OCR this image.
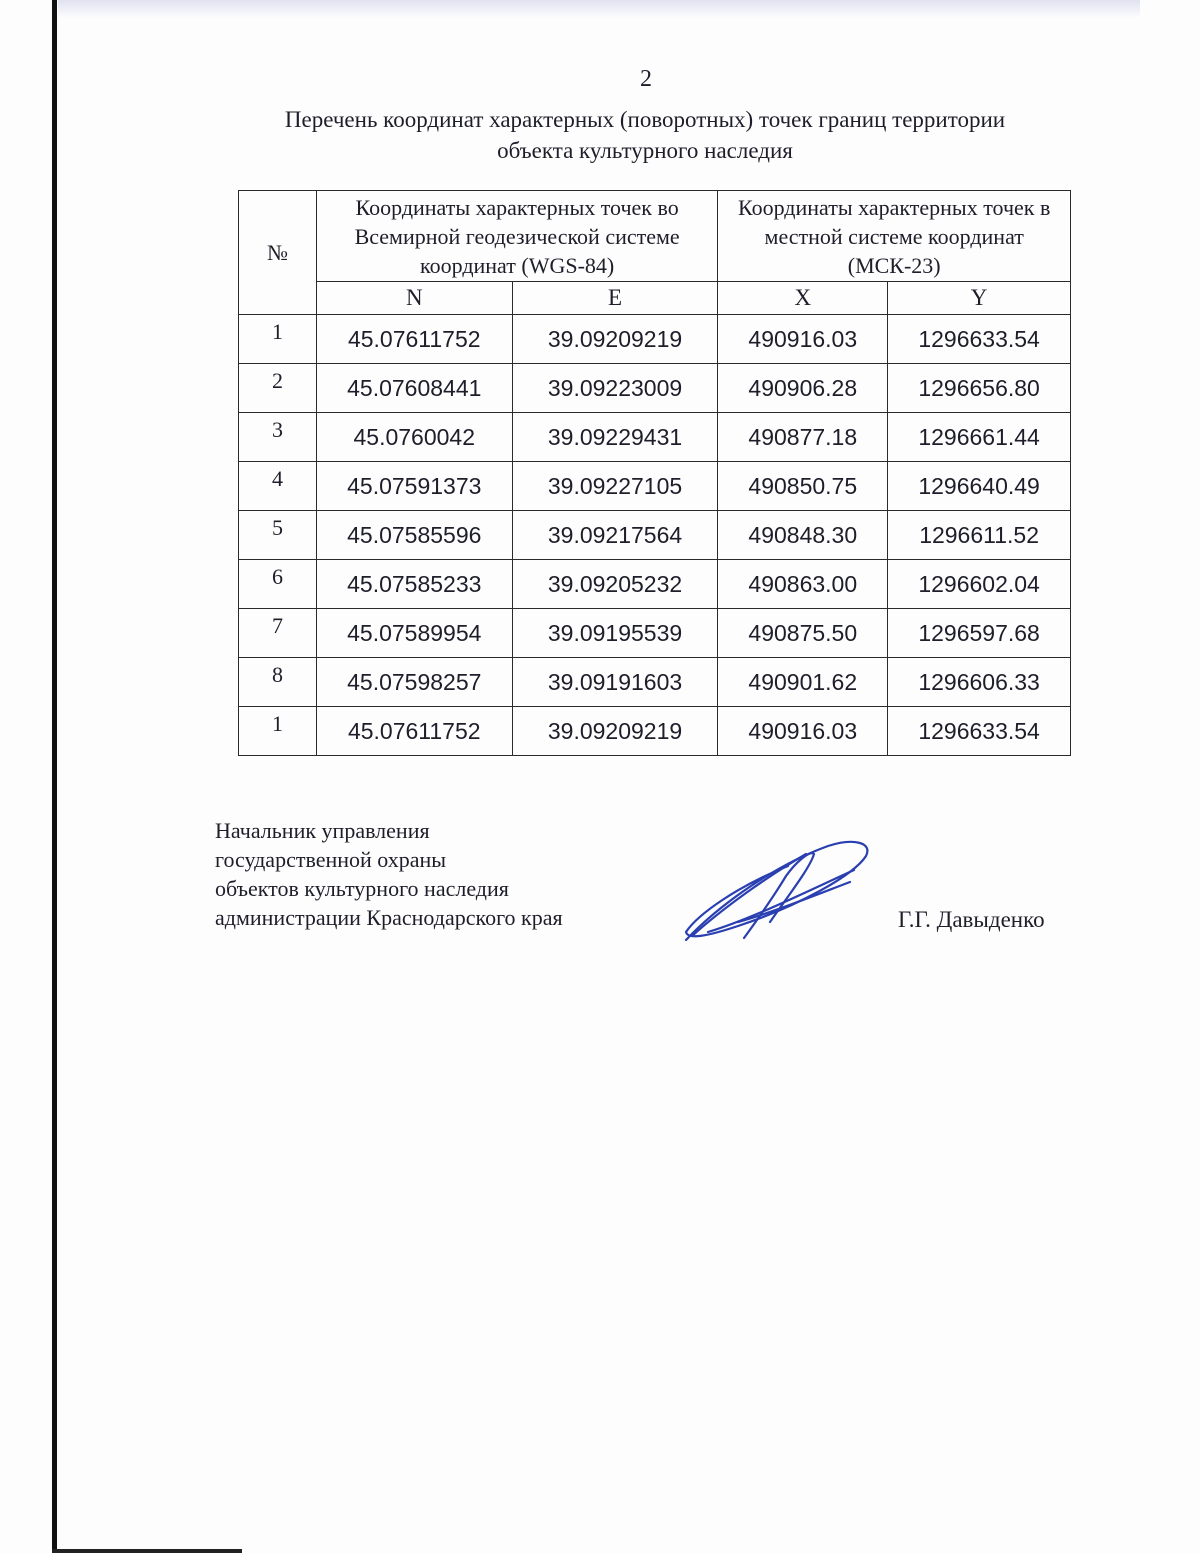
2
Перечень координат характерных (поворотных) точек границ территории
объекта культурного наследия
№	Координаты характерных точек во Всемирной геодезической системе координат (WGS-84)		Координаты характерных точек в местной системе координат (МСК-23)	
	N	E	X	Y
1	45.07611752	39.09209219	490916.03	1296633.54
2	45.07608441	39.09223009	490906.28	1296656.80
3	45.0760042	39.09229431	490877.18	1296661.44
4	45.07591373	39.09227105	490850.75	1296640.49
5	45.07585596	39.09217564	490848.30	1296611.52
6	45.07585233	39.09205232	490863.00	1296602.04
7	45.07589954	39.09195539	490875.50	1296597.68
8	45.07598257	39.09191603	490901.62	1296606.33
1	45.07611752	39.09209219	490916.03	1296633.54
Начальник управления
государственной охраны
объектов культурного наследия
администрации Краснодарского края	Г.Г. Давыденко
